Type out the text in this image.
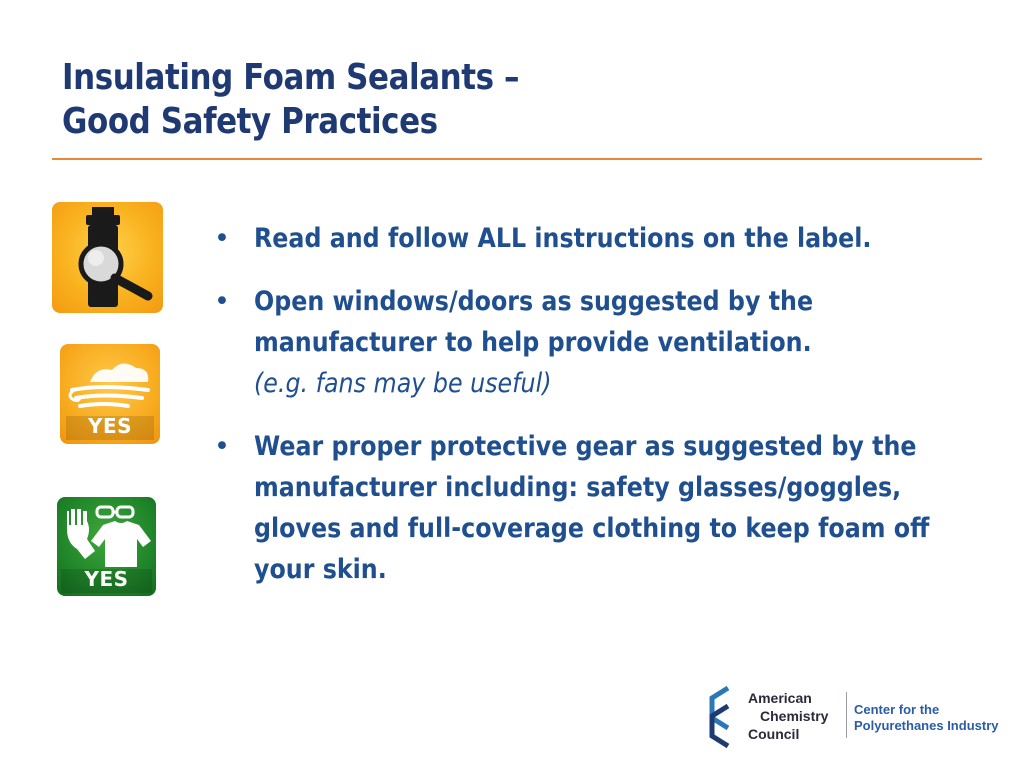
Insulating Foam Sealants –
Good Safety Practices
YES
YES
• Read and follow ALL instructions on the label.
• Open windows/doors as suggested by the manufacturer to help provide ventilation.
(e.g. fans may be useful)
• Wear proper protective gear as suggested by the manufacturer including: safety glasses/goggles, gloves and full-coverage clothing to keep foam off your skin.
American
Chemistry
Council
Center for the
Polyurethanes Industry
